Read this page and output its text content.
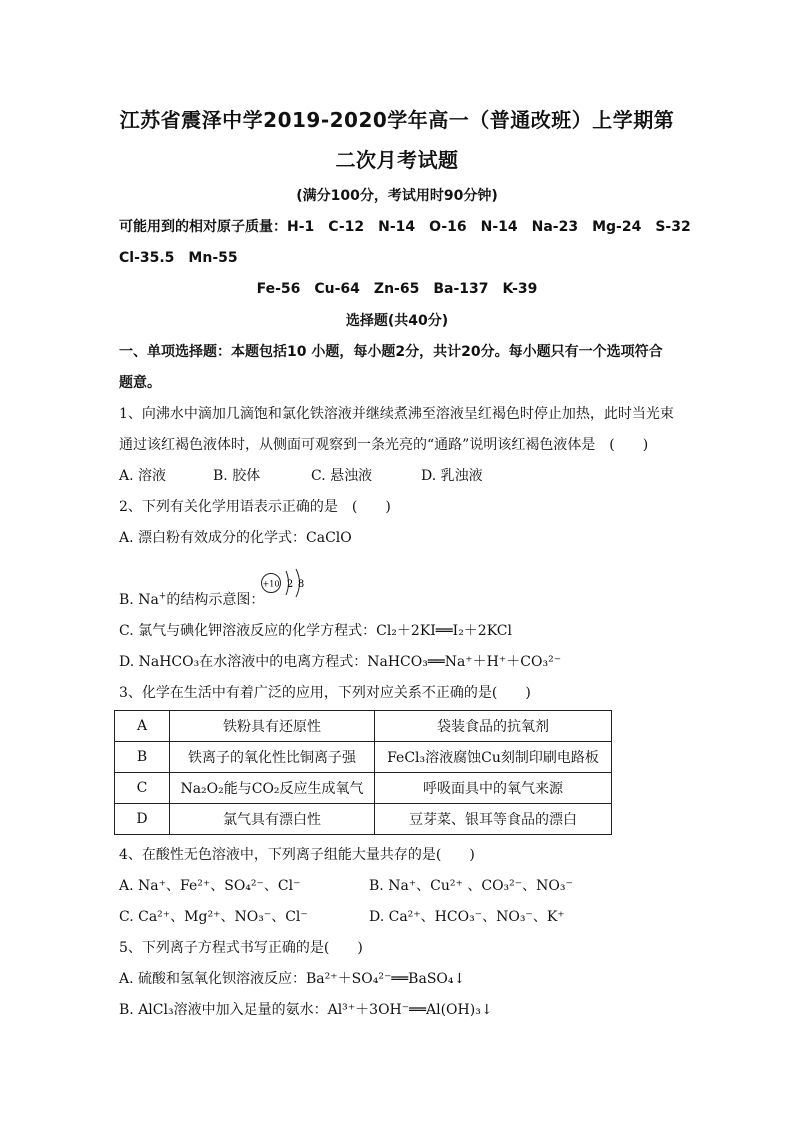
江苏省震泽中学2019-2020学年高一（普通改班）上学期第
二次月考试题
(满分100分，考试用时90分钟)
可能用到的相对原子质量：H-1　C-12　N-14　O-16　N-14　Na-23　Mg-24　S-32
Cl-35.5　Mn-55
Fe-56　Cu-64　Zn-65　Ba-137　K-39
选择题(共40分)
一、单项选择题：本题包括10 小题，每小题2分，共计20分。每小题只有一个选项符合
题意。
1、向沸水中滴加几滴饱和氯化铁溶液并继续煮沸至溶液呈红褐色时停止加热，此时当光束
通过该红褐色液体时，从侧面可观察到一条光亮的“通路”说明该红褐色液体是　(　　)
A. 溶液	B. 胶体	C. 悬浊液	D. 乳浊液
2、下列有关化学用语表示正确的是　(　　)
A. 漂白粉有效成分的化学式：CaClO
B. Na+的结构示意图：
+10 2 8
C. 氯气与碘化钾溶液反应的化学方程式：Cl₂＋2KI══I₂＋2KCl
D. NaHCO₃在水溶液中的电离方程式：NaHCO₃══Na⁺＋H⁺＋CO₃²⁻
3、化学在生活中有着广泛的应用，下列对应关系不正确的是(　　)
A	铁粉具有还原性	袋装食品的抗氧剂
B	铁离子的氧化性比铜离子强	FeCl₃溶液腐蚀Cu刻制印刷电路板
C	Na₂O₂能与CO₂反应生成氧气	呼吸面具中的氧气来源
D	氯气具有漂白性	豆芽菜、银耳等食品的漂白
4、在酸性无色溶液中，下列离子组能大量共存的是(　　)
A. Na⁺、Fe²⁺、SO₄²⁻、Cl⁻	B. Na⁺、Cu²⁺ 、CO₃²⁻、NO₃⁻
C. Ca²⁺、Mg²⁺、NO₃⁻、Cl⁻	D. Ca²⁺、HCO₃⁻、NO₃⁻、K⁺
5、下列离子方程式书写正确的是(　　)
A. 硫酸和氢氧化钡溶液反应：Ba²⁺＋SO₄²⁻══BaSO₄↓
B. AlCl₃溶液中加入足量的氨水：Al³⁺＋3OH⁻══Al(OH)₃↓
